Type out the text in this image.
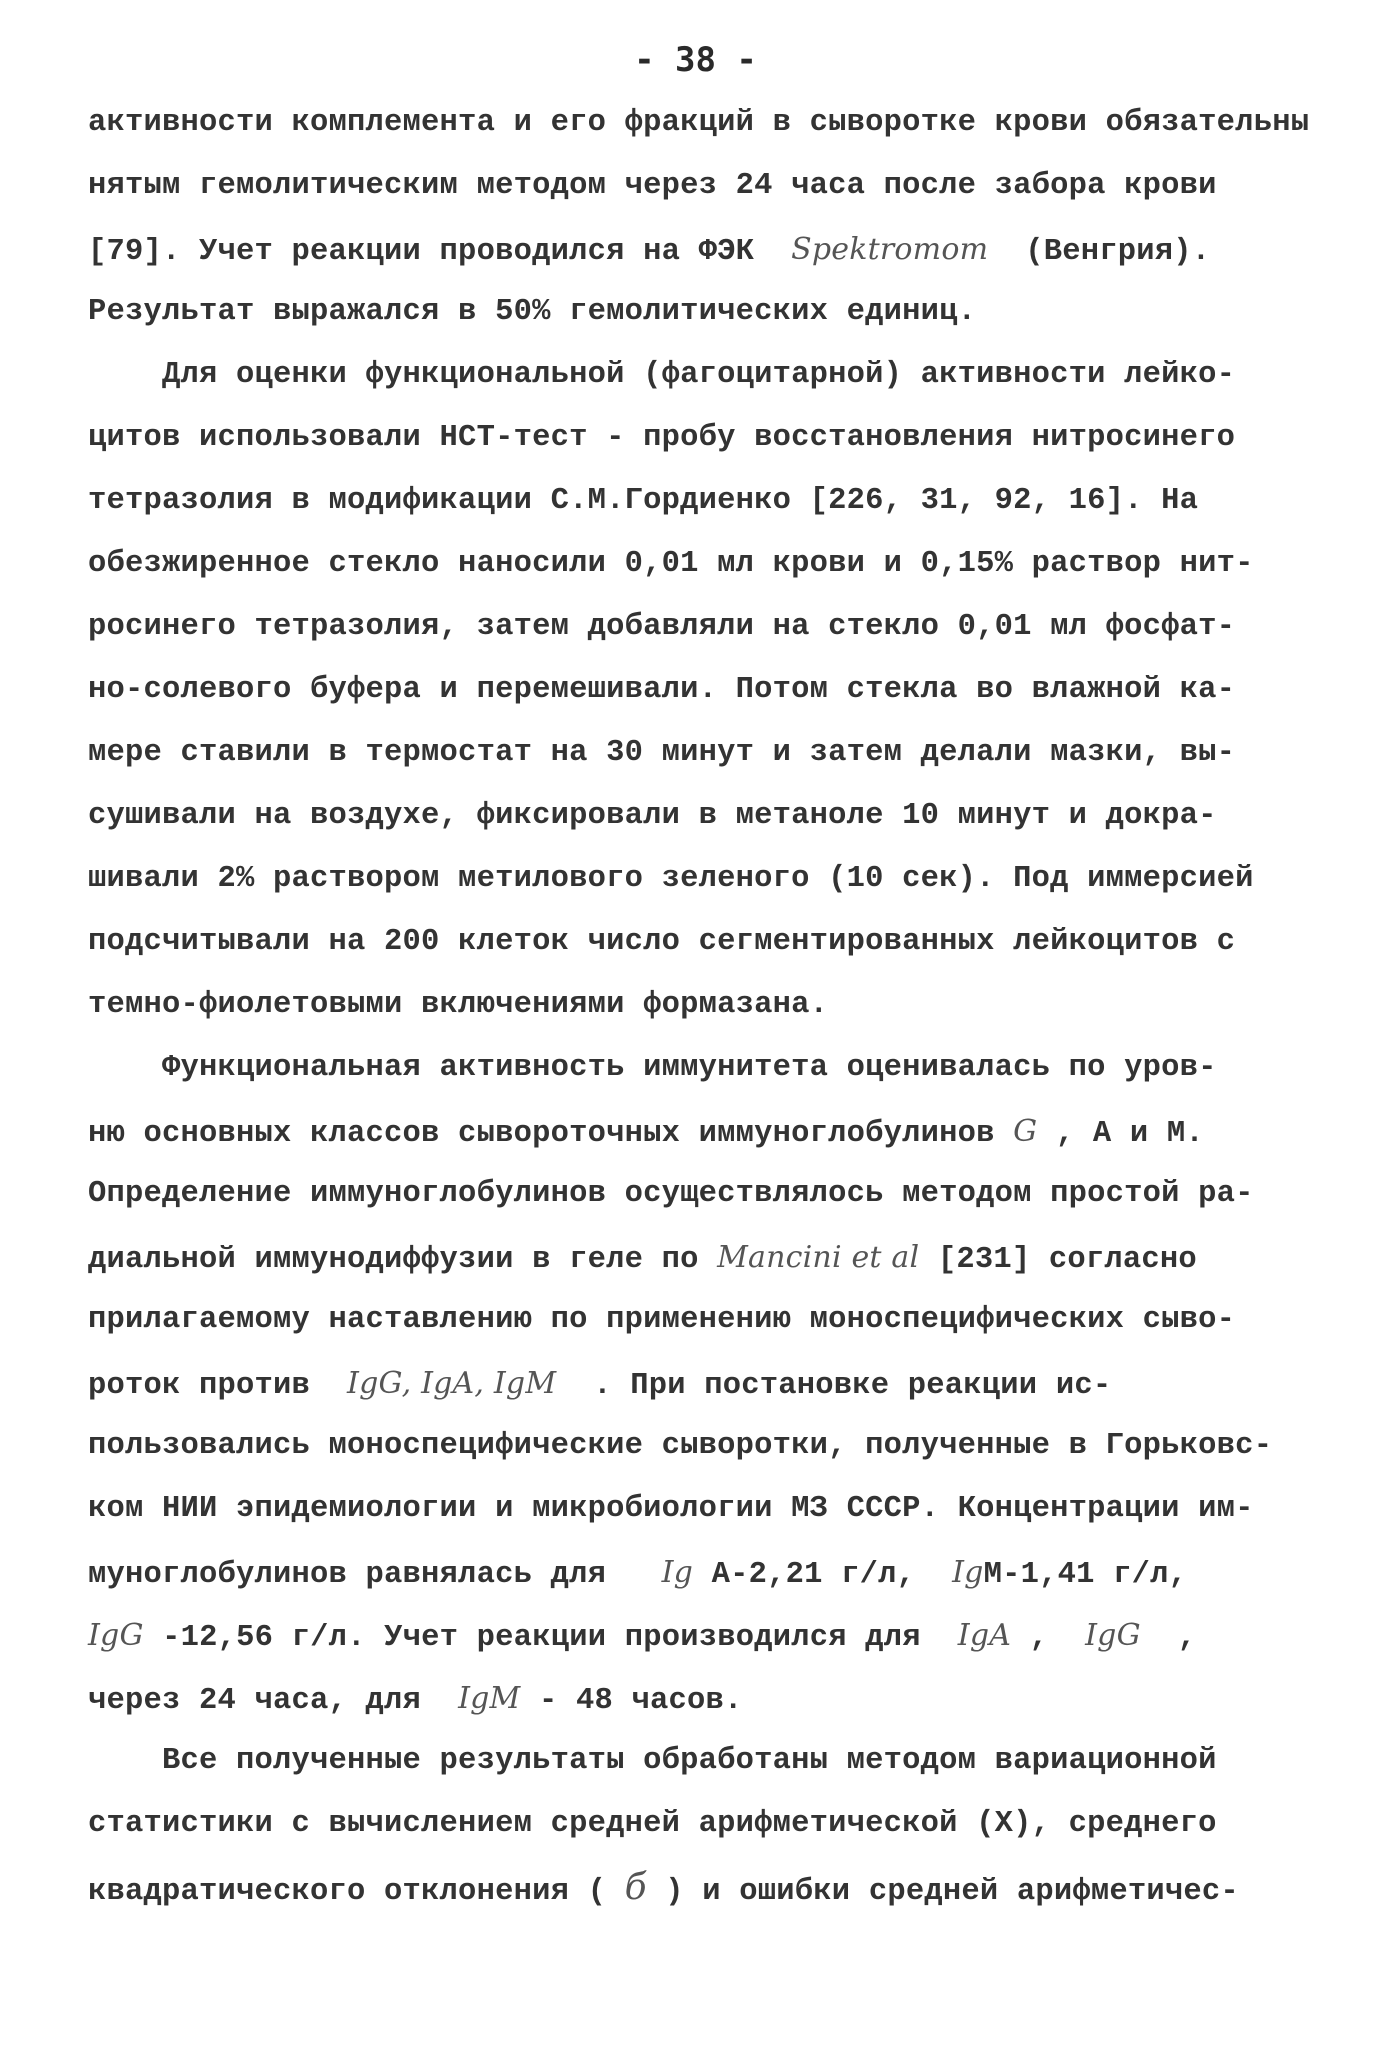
- 38 -
активности комплемента и его фракций в сыворотке крови обязательны
нятым гемолитическим методом через 24 часа после забора крови
[79]. Учет реакции проводился на ФЭК  Spektromom  (Венгрия).
Результат выражался в 50% гемолитических единиц.
Для оценки функциональной (фагоцитарной) активности лейко-
цитов использовали НСТ-тест - пробу восстановления нитросинего
тетразолия в модификации С.М.Гордиенко [226, 31, 92, 16]. На
обезжиренное стекло наносили 0,01 мл крови и 0,15% раствор нит-
росинего тетразолия, затем добавляли на стекло 0,01 мл фосфат-
но-солевого буфера и перемешивали. Потом стекла во влажной ка-
мере ставили в термостат на 30 минут и затем делали мазки, вы-
сушивали на воздухе, фиксировали в метаноле 10 минут и докра-
шивали 2% раствором метилового зеленого (10 сек). Под иммерсией
подсчитывали на 200 клеток число сегментированных лейкоцитов с
темно-фиолетовыми включениями формазана.
Функциональная активность иммунитета оценивалась по уров-
ню основных классов сывороточных иммуноглобулинов G , А и М.
Определение иммуноглобулинов осуществлялось методом простой ра-
диальной иммунодиффузии в геле по Mancini et al [231] согласно
прилагаемому наставлению по применению моноспецифических сыво-
роток против  IgG, IgA, IgM  . При постановке реакции ис-
пользовались моноспецифические сыворотки, полученные в Горьковс-
ком НИИ эпидемиологии и микробиологии МЗ СССР. Концентрации им-
муноглобулинов равнялась для   Ig А-2,21 г/л,  IgМ-1,41 г/л,
IgG -12,56 г/л. Учет реакции производился для  IgA ,  IgG  ,
через 24 часа, для  IgM - 48 часов.
Все полученные результаты обработаны методом вариационной
статистики с вычислением средней арифметической (Х), среднего
квадратического отклонения ( б ) и ошибки средней арифметичес-
